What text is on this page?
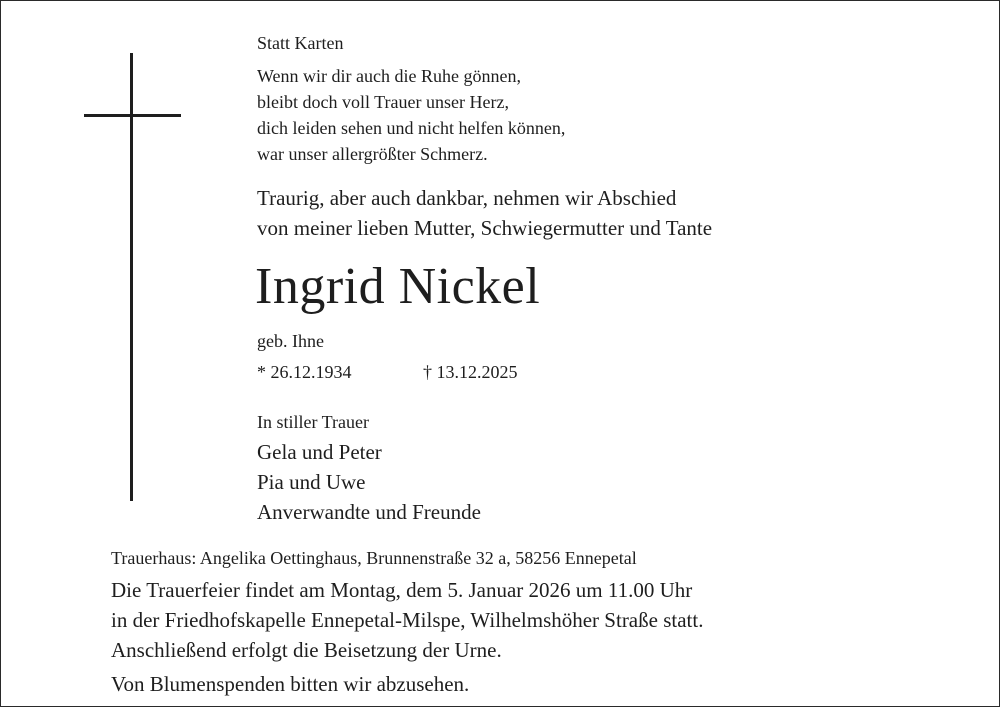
Statt Karten
Wenn wir dir auch die Ruhe gönnen,
bleibt doch voll Trauer unser Herz,
dich leiden sehen und nicht helfen können,
war unser allergrößter Schmerz.
Traurig, aber auch dankbar, nehmen wir Abschied
von meiner lieben Mutter, Schwiegermutter und Tante
Ingrid Nickel
geb. Ihne
* 26.12.1934	† 13.12.2025
In stiller Trauer
Gela und Peter
Pia und Uwe
Anverwandte und Freunde
Trauerhaus: Angelika Oettinghaus, Brunnenstraße 32 a, 58256 Ennepetal
Die Trauerfeier findet am Montag, dem 5. Januar 2026 um 11.00 Uhr
in der Friedhofskapelle Ennepetal-Milspe, Wilhelmshöher Straße statt.
Anschließend erfolgt die Beisetzung der Urne.
Von Blumenspenden bitten wir abzusehen.
